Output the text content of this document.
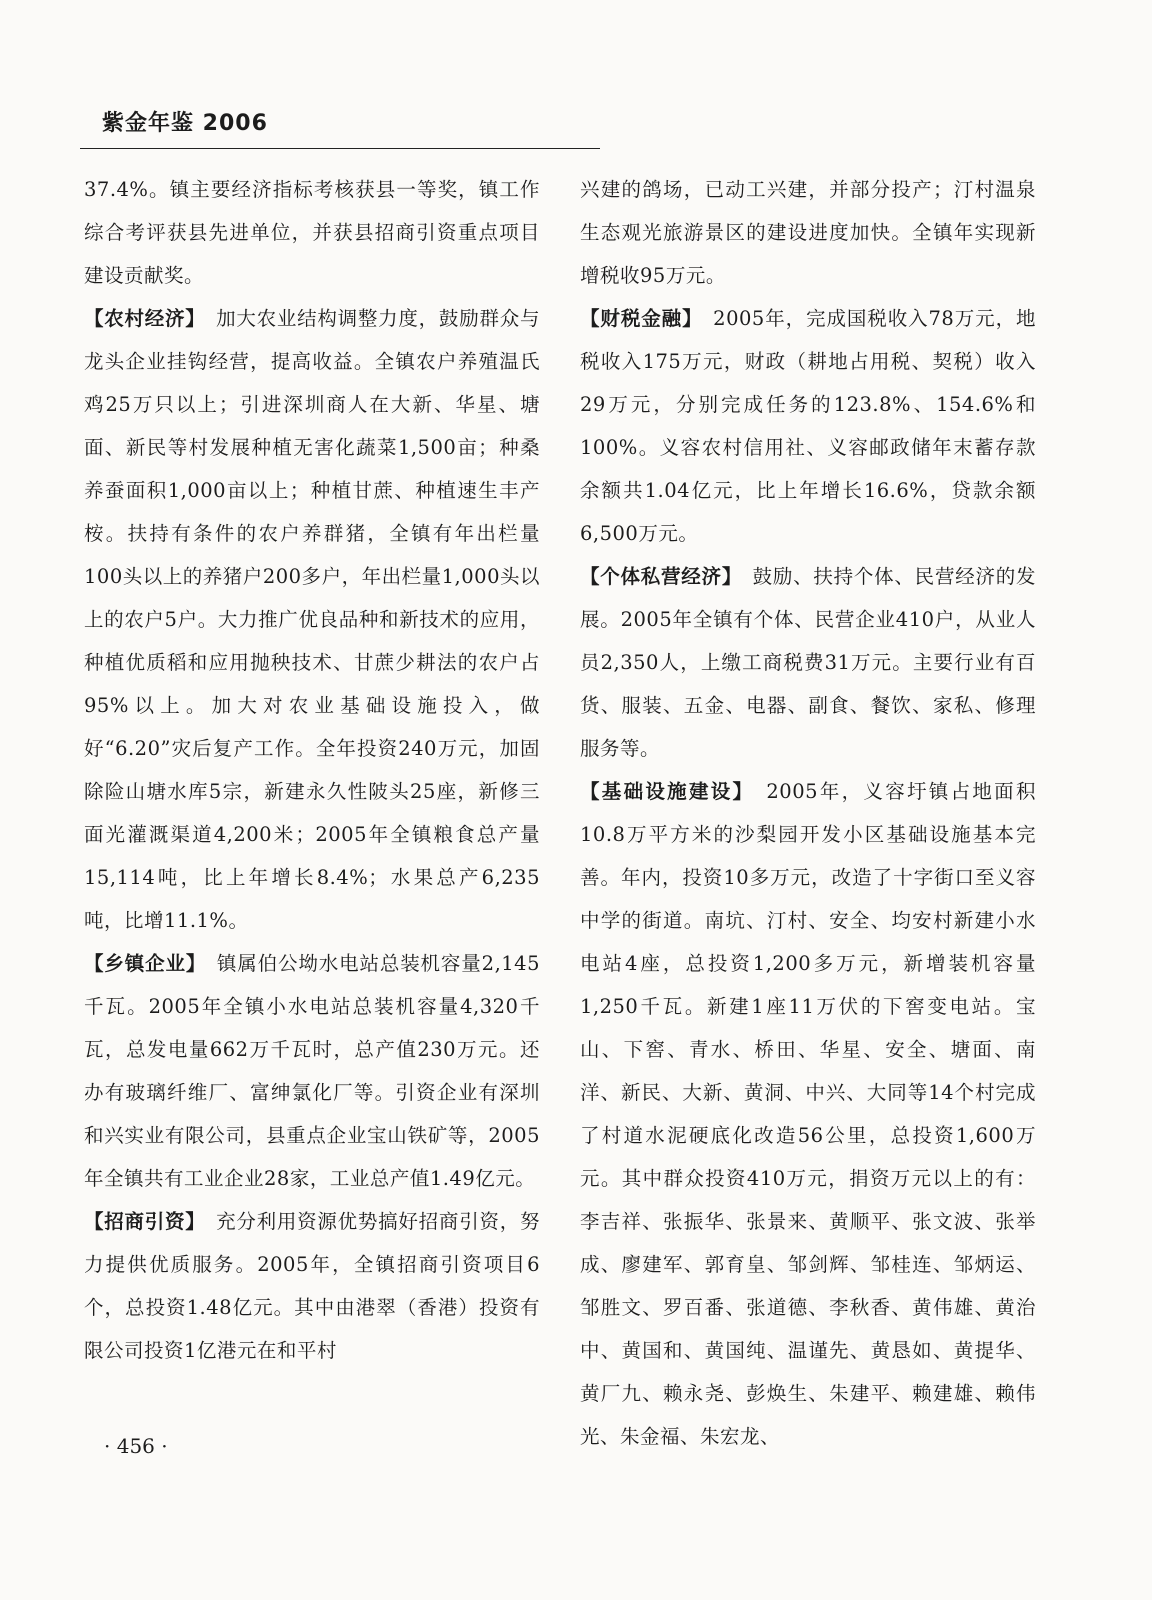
紫金年鉴 2006

37.4%。镇主要经济指标考核获县一等奖，镇工作综合考评获县先进单位，并获县招商引资重点项目建设贡献奖。

【农村经济】　加大农业结构调整力度，鼓励群众与龙头企业挂钩经营，提高收益。全镇农户养殖温氏鸡25万只以上；引进深圳商人在大新、华星、塘面、新民等村发展种植无害化蔬菜1,500亩；种桑养蚕面积1,000亩以上；种植甘蔗、种植速生丰产桉。扶持有条件的农户养群猪，全镇有年出栏量100头以上的养猪户200多户，年出栏量1,000头以上的农户5户。大力推广优良品种和新技术的应用，种植优质稻和应用抛秧技术、甘蔗少耕法的农户占95%以上。加大对农业基础设施投入，做好“6.20”灾后复产工作。全年投资240万元，加固除险山塘水库5宗，新建永久性陂头25座，新修三面光灌溉渠道4,200米；2005年全镇粮食总产量15,114吨，比上年增长8.4%；水果总产6,235吨，比增11.1%。

【乡镇企业】　镇属伯公坳水电站总装机容量2,145千瓦。2005年全镇小水电站总装机容量4,320千瓦，总发电量662万千瓦时，总产值230万元。还办有玻璃纤维厂、富绅氯化厂等。引资企业有深圳和兴实业有限公司，县重点企业宝山铁矿等，2005年全镇共有工业企业28家，工业总产值1.49亿元。

【招商引资】　充分利用资源优势搞好招商引资，努力提供优质服务。2005年，全镇招商引资项目6个，总投资1.48亿元。其中由港翠（香港）投资有限公司投资1亿港元在和平村

兴建的鸽场，已动工兴建，并部分投产；汀村温泉生态观光旅游景区的建设进度加快。全镇年实现新增税收95万元。

【财税金融】　2005年，完成国税收入78万元，地税收入175万元，财政（耕地占用税、契税）收入29万元，分别完成任务的123.8%、154.6%和100%。义容农村信用社、义容邮政储年末蓄存款余额共1.04亿元，比上年增长16.6%，贷款余额6,500万元。

【个体私营经济】　鼓励、扶持个体、民营经济的发展。2005年全镇有个体、民营企业410户，从业人员2,350人，上缴工商税费31万元。主要行业有百货、服装、五金、电器、副食、餐饮、家私、修理服务等。

【基础设施建设】　2005年，义容圩镇占地面积10.8万平方米的沙梨园开发小区基础设施基本完善。年内，投资10多万元，改造了十字街口至义容中学的街道。南坑、汀村、安全、均安村新建小水电站4座，总投资1,200多万元，新增装机容量1,250千瓦。新建1座11万伏的下窖变电站。宝山、下窖、青水、桥田、华星、安全、塘面、南洋、新民、大新、黄洞、中兴、大同等14个村完成了村道水泥硬底化改造56公里，总投资1,600万元。其中群众投资410万元，捐资万元以上的有：李吉祥、张振华、张景来、黄顺平、张文波、张举成、廖建军、郭育皇、邹剑辉、邹桂连、邹炳运、邹胜文、罗百番、张道德、李秋香、黄伟雄、黄治中、黄国和、黄国纯、温谨先、黄恳如、黄提华、黄厂九、赖永尧、彭焕生、朱建平、赖建雄、赖伟光、朱金福、朱宏龙、

· 456 ·
